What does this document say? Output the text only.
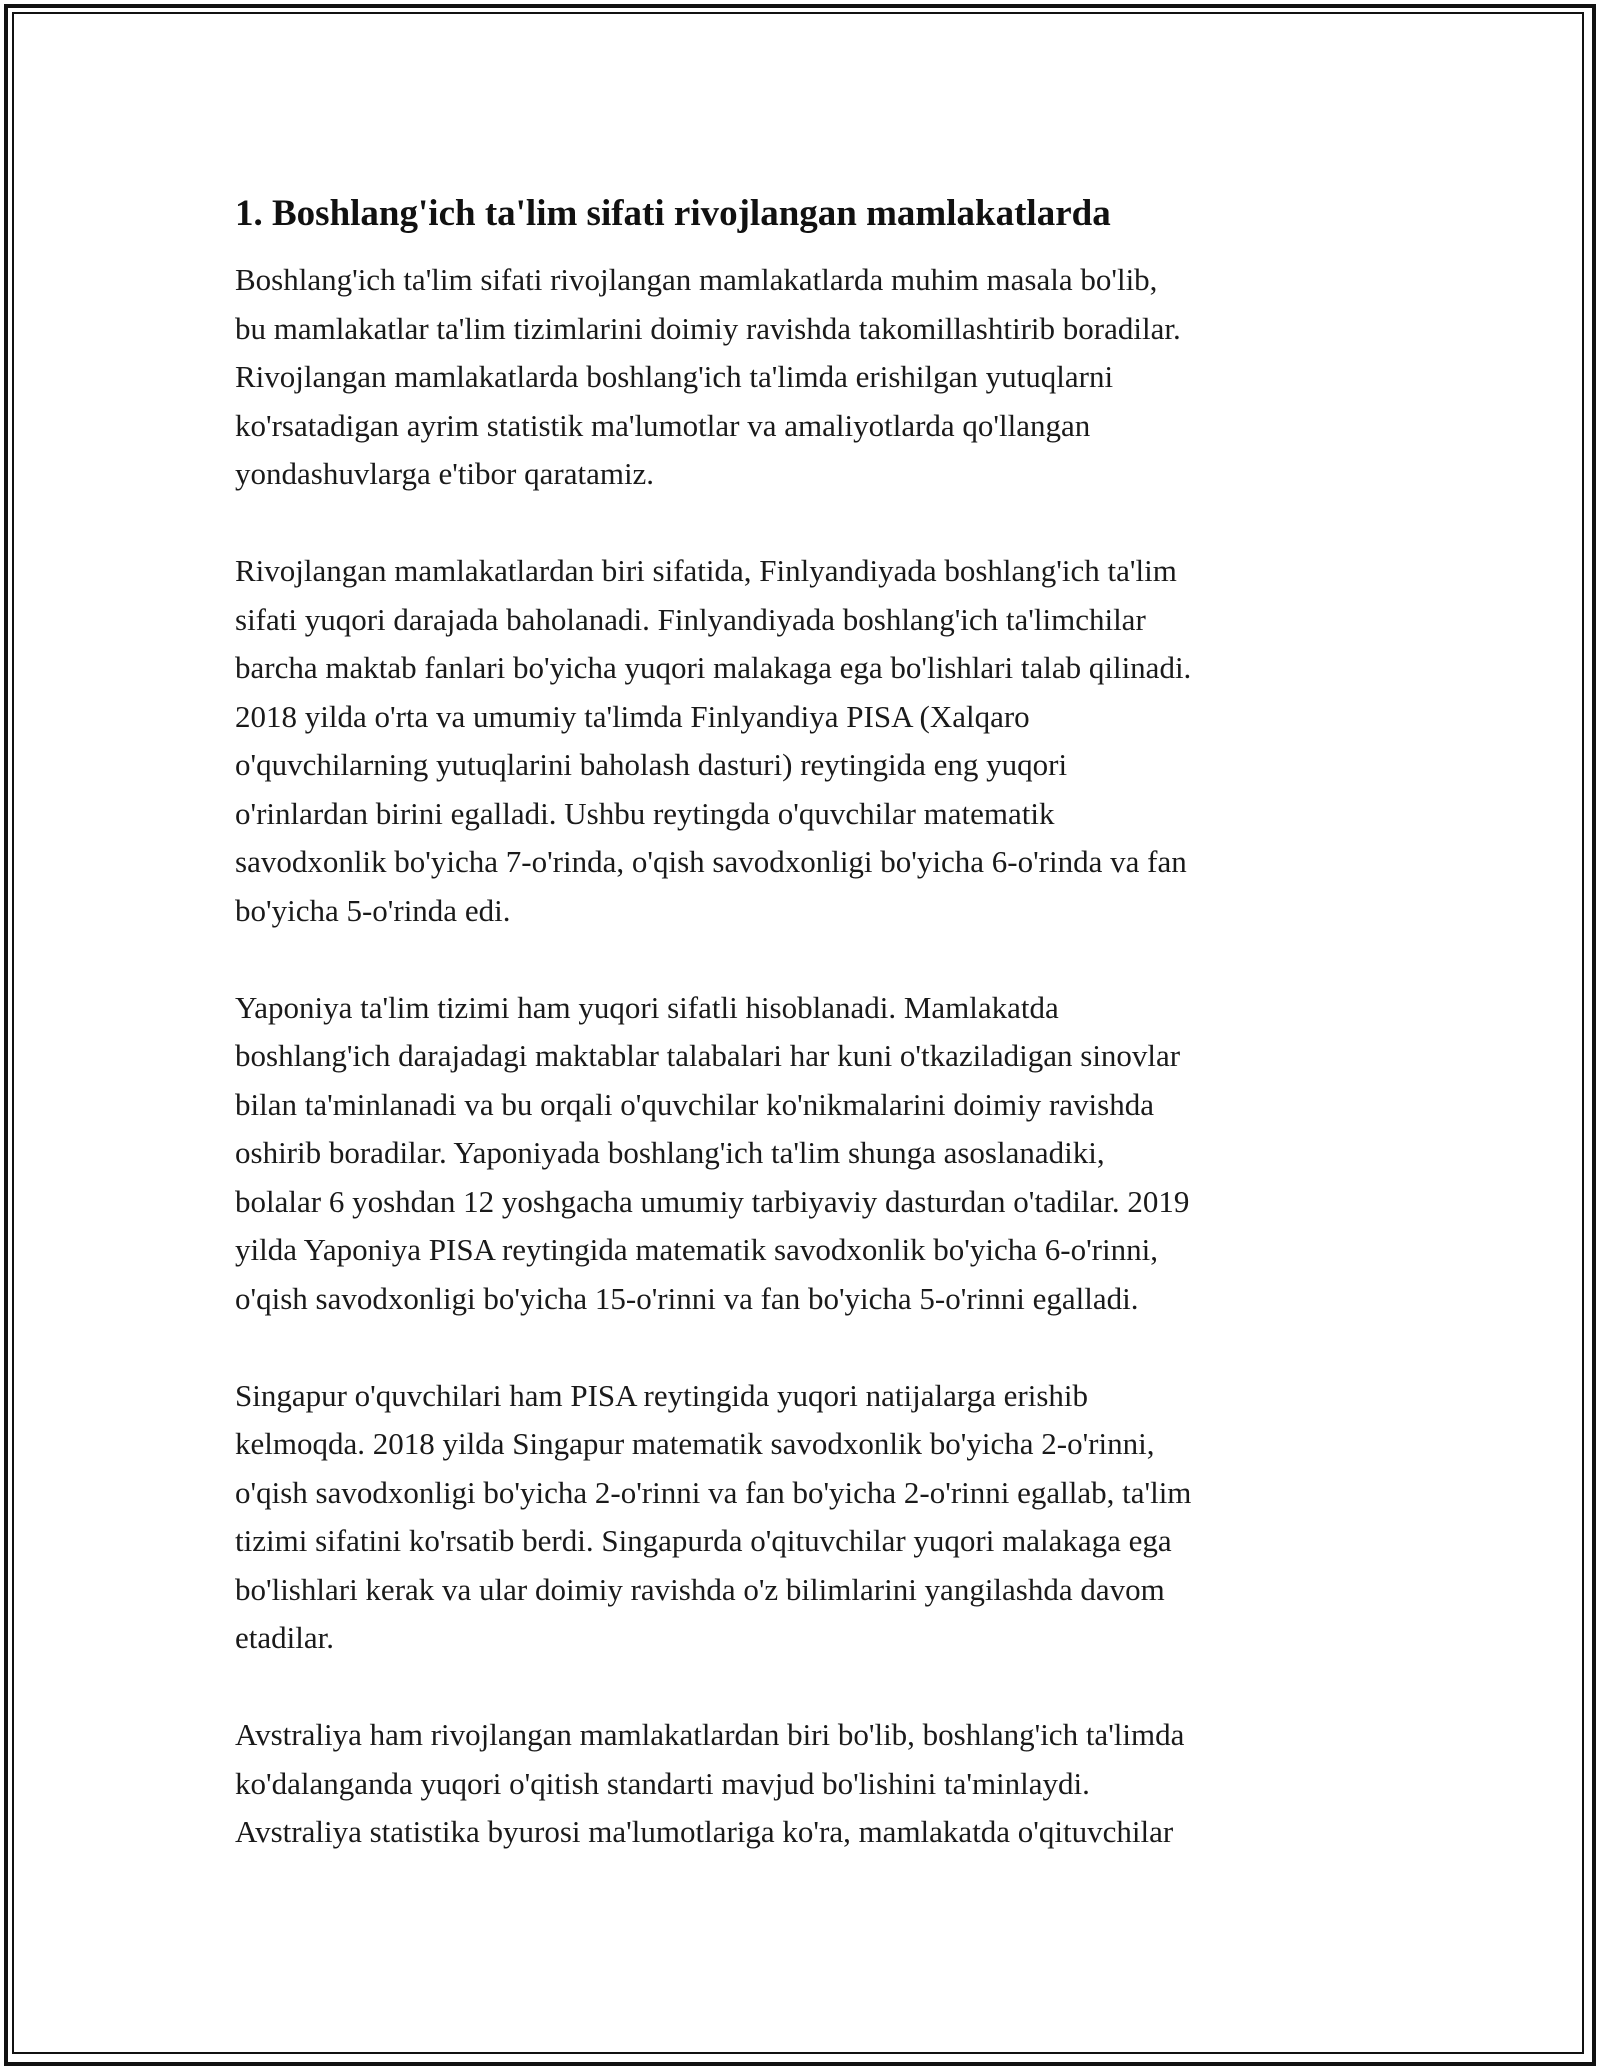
1. Boshlang'ich ta'lim sifati rivojlangan mamlakatlarda

Boshlang'ich ta'lim sifati rivojlangan mamlakatlarda muhim masala bo'lib,
bu mamlakatlar ta'lim tizimlarini doimiy ravishda takomillashtirib boradilar.
Rivojlangan mamlakatlarda boshlang'ich ta'limda erishilgan yutuqlarni
ko'rsatadigan ayrim statistik ma'lumotlar va amaliyotlarda qo'llangan
yondashuvlarga e'tibor qaratamiz.

Rivojlangan mamlakatlardan biri sifatida, Finlyandiyada boshlang'ich ta'lim
sifati yuqori darajada baholanadi. Finlyandiyada boshlang'ich ta'limchilar
barcha maktab fanlari bo'yicha yuqori malakaga ega bo'lishlari talab qilinadi.
2018 yilda o'rta va umumiy ta'limda Finlyandiya PISA (Xalqaro
o'quvchilarning yutuqlarini baholash dasturi) reytingida eng yuqori
o'rinlardan birini egalladi. Ushbu reytingda o'quvchilar matematik
savodxonlik bo'yicha 7-o'rinda, o'qish savodxonligi bo'yicha 6-o'rinda va fan
bo'yicha 5-o'rinda edi.

Yaponiya ta'lim tizimi ham yuqori sifatli hisoblanadi. Mamlakatda
boshlang'ich darajadagi maktablar talabalari har kuni o'tkaziladigan sinovlar
bilan ta'minlanadi va bu orqali o'quvchilar ko'nikmalarini doimiy ravishda
oshirib boradilar. Yaponiyada boshlang'ich ta'lim shunga asoslanadiki,
bolalar 6 yoshdan 12 yoshgacha umumiy tarbiyaviy dasturdan o'tadilar. 2019
yilda Yaponiya PISA reytingida matematik savodxonlik bo'yicha 6-o'rinni,
o'qish savodxonligi bo'yicha 15-o'rinni va fan bo'yicha 5-o'rinni egalladi.

Singapur o'quvchilari ham PISA reytingida yuqori natijalarga erishib
kelmoqda. 2018 yilda Singapur matematik savodxonlik bo'yicha 2-o'rinni,
o'qish savodxonligi bo'yicha 2-o'rinni va fan bo'yicha 2-o'rinni egallab, ta'lim
tizimi sifatini ko'rsatib berdi. Singapurda o'qituvchilar yuqori malakaga ega
bo'lishlari kerak va ular doimiy ravishda o'z bilimlarini yangilashda davom
etadilar.

Avstraliya ham rivojlangan mamlakatlardan biri bo'lib, boshlang'ich ta'limda
ko'dalanganda yuqori o'qitish standarti mavjud bo'lishini ta'minlaydi.
Avstraliya statistika byurosi ma'lumotlariga ko'ra, mamlakatda o'qituvchilar
